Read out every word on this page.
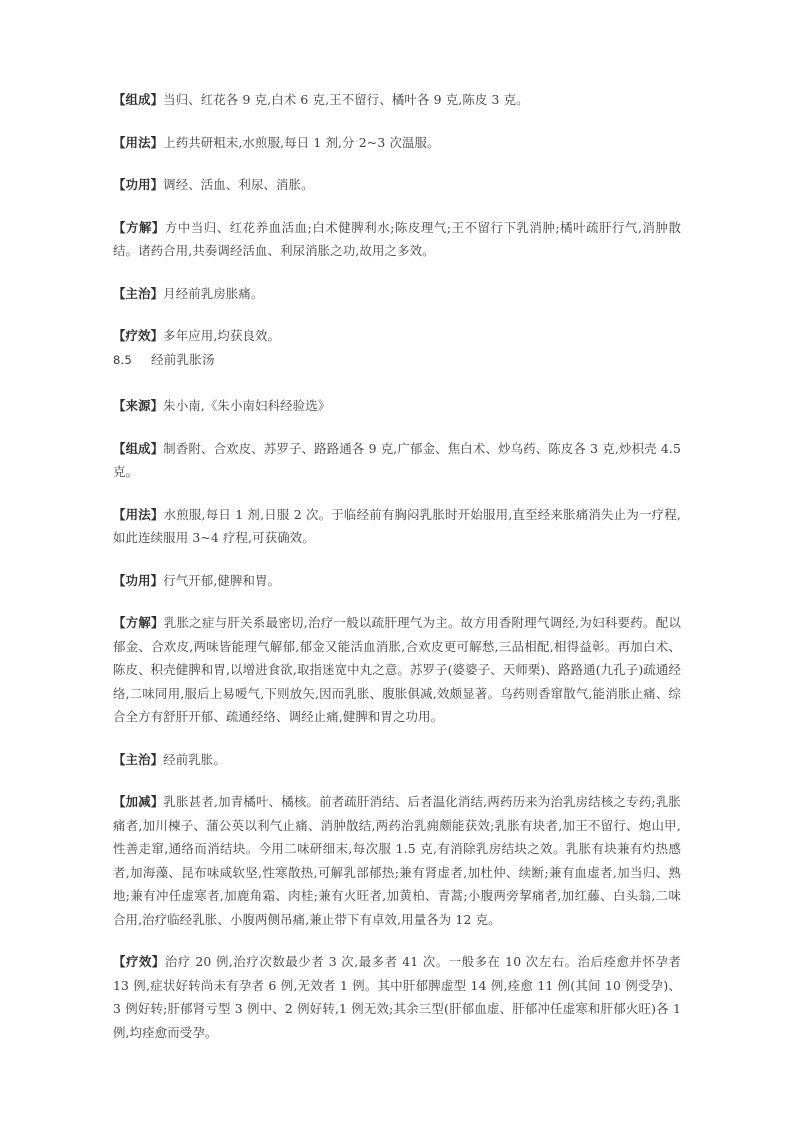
【组成】当归、红花各 9 克,白术 6 克,王不留行、橘叶各 9 克,陈皮 3 克。

【用法】上药共研粗末,水煎服,每日 1 剂,分 2~3 次温服。

【功用】调经、活血、利尿、消胀。

【方解】方中当归、红花养血活血;白术健脾利水;陈皮理气;王不留行下乳消肿;橘叶疏肝行气,消肿散结。诸药合用,共奏调经活血、利尿消胀之功,故用之多效。

【主治】月经前乳房胀痛。

【疗效】多年应用,均获良效。

8.5 经前乳胀汤

【来源】朱小南,《朱小南妇科经验选》

【组成】制香附、合欢皮、苏罗子、路路通各 9 克,广郁金、焦白术、炒乌药、陈皮各 3 克,炒枳壳 4.5 克。

【用法】水煎服,每日 1 剂,日服 2 次。于临经前有胸闷乳胀时开始服用,直至经来胀痛消失止为一疗程,如此连续服用 3~4 疗程,可获确效。

【功用】行气开郁,健脾和胃。

【方解】乳胀之症与肝关系最密切,治疗一般以疏肝理气为主。故方用香附理气调经,为妇科要药。配以郁金、合欢皮,两味皆能理气解郁,郁金又能活血消胀,合欢皮更可解愁,三品相配,相得益彰。再加白术、陈皮、积壳健脾和胃,以增进食欲,取指迷宽中丸之意。苏罗子(婆婆子、天师栗)、路路通(九孔子)疏通经络,二味同用,服后上易嗳气,下则放矢,因而乳胀、腹胀俱减,效颇显著。乌药则香窜散气,能消胀止痛、综合全方有舒肝开郁、疏通经络、调经止痛,健脾和胃之功用。

【主治】经前乳胀。

【加减】乳胀甚者,加青橘叶、橘核。前者疏肝消结、后者温化消结,两药历来为治乳房结核之专药;乳胀痛者,加川楝子、蒲公英以利气止痛、消肿散结,两药治乳痈颇能获效;乳胀有块者,加王不留行、炮山甲,性善走窜,通络而消结块。今用二味研细末,每次服 1.5 克,有消除乳房结块之效。乳胀有块兼有灼热感者,加海藻、昆布味咸软坚,性寒散热,可解乳部郁热;兼有肾虚者,加杜仲、续断;兼有血虚者,加当归、熟地;兼有冲任虚寒者,加鹿角霜、肉桂;兼有火旺者,加黄柏、青蒿;小腹两旁挈痛者,加红藤、白头翁,二味合用,治疗临经乳胀、小腹两侧吊痛,兼止带下有卓效,用量各为 12 克。

【疗效】治疗 20 例,治疗次数最少者 3 次,最多者 41 次。一般多在 10 次左右。治后痊愈并怀孕者 13 例,症状好转尚未有孕者 6 例,无效者 1 例。其中肝郁脾虚型 14 例,痊愈 11 例(其间 10 例受孕)、3 例好转;肝郁肾亏型 3 例中、2 例好转,1 例无效;其余三型(肝郁血虚、肝郁冲任虚寒和肝郁火旺)各 1 例,均痊愈而受孕。
